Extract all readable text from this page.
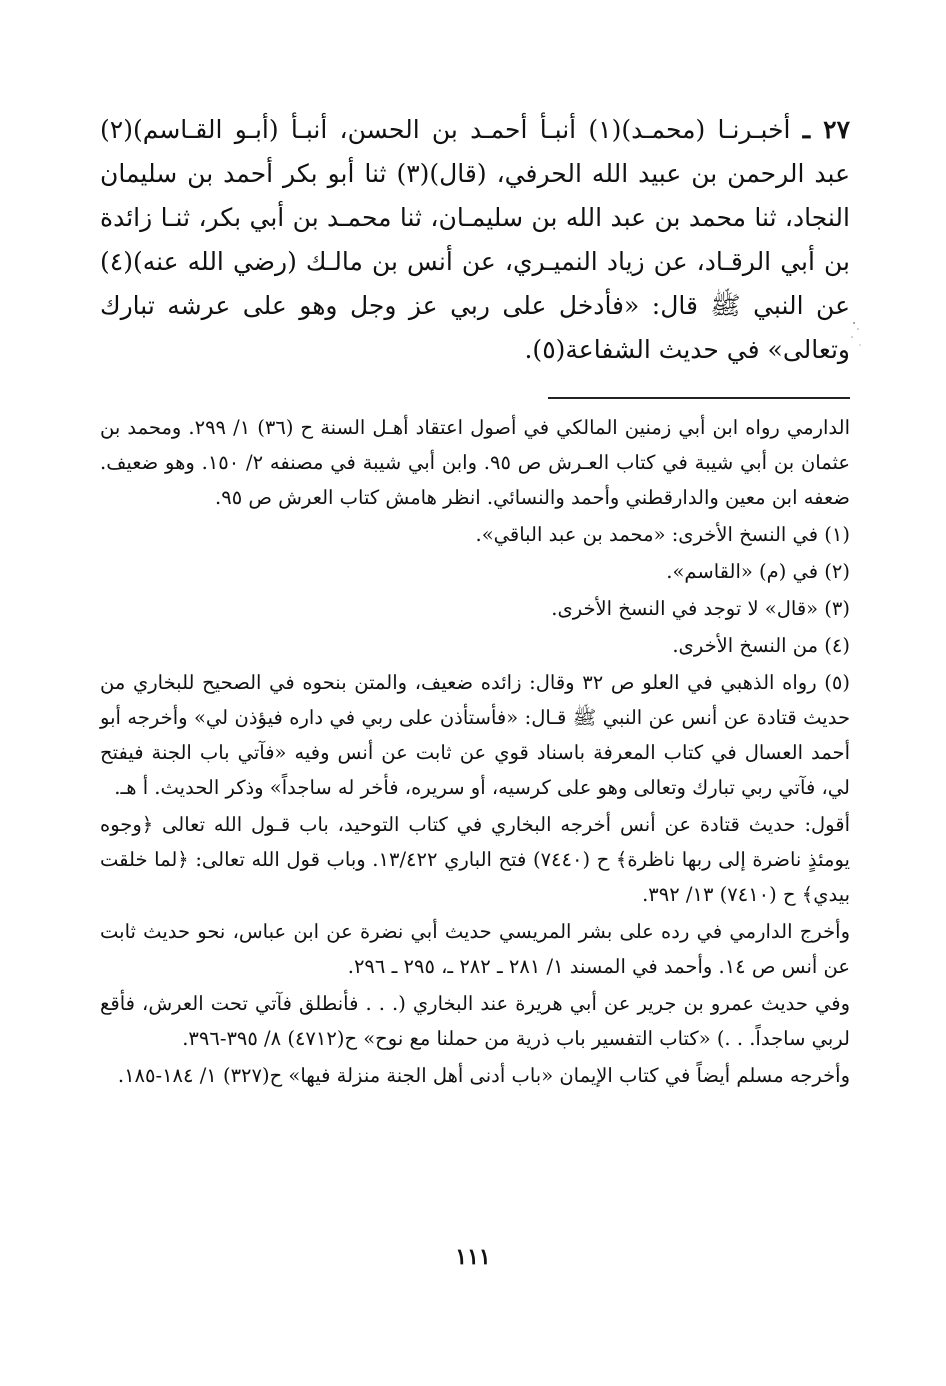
٢٧ ـ أخبـرنـا (محمـد)(١) أنبـأ أحمـد بن الحسن، أنبـأ (أبـو القـاسم)(٢) عبد الرحمن بن عبيد الله الحرفي، (قال)(٣) ثنا أبو بكر أحمد بن سليمان النجاد، ثنا محمد بن عبد الله بن سليمـان، ثنا محمـد بن أبي بكر، ثنـا زائدة بن أبي الرقـاد، عن زياد النميـري، عن أنس بن مالـك (رضي الله عنه)(٤) عن النبي ﷺ قال: «فأدخل على ربي عز وجل وهو على عرشه تبارك وتعالى» في حديث الشفاعة(٥).

الدارمي رواه ابن أبي زمنين المالكي في أصول اعتقاد أهـل السنة ح (٣٦) ١/ ٢٩٩. ومحمد بن عثمان بن أبي شيبة في كتاب العـرش ص ٩٥. وابن أبي شيبة في مصنفه ٢/ ١٥٠. وهو ضعيف. ضعفه ابن معين والدارقطني وأحمد والنسائي. انظر هامش كتاب العرش ص ٩٥.

(١) في النسخ الأخرى: «محمد بن عبد الباقي».

(٢) في (م) «القاسم».

(٣) «قال» لا توجد في النسخ الأخرى.

(٤) من النسخ الأخرى.

(٥) رواه الذهبي في العلو ص ٣٢ وقال: زائده ضعيف، والمتن بنحوه في الصحيح للبخاري من حديث قتادة عن أنس عن النبي ﷺ قـال: «فأستأذن على ربي في داره فيؤذن لي» وأخرجه أبو أحمد العسال في كتاب المعرفة باسناد قوي عن ثابت عن أنس وفيه «فآتي باب الجنة فيفتح لي، فآتي ربي تبارك وتعالى وهو على كرسيه، أو سريره، فأخر له ساجداً» وذكر الحديث. أ هـ.

أقول: حديث قتادة عن أنس أخرجه البخاري في كتاب التوحيد، باب قـول الله تعالى ﴿وجوه يومئذٍ ناضرة إلى ربها ناظرة﴾ ح (٧٤٤٠) فتح الباري ١٣/٤٢٢. وباب قول الله تعالى: ﴿لما خلقت بيدي﴾ ح (٧٤١٠) ١٣/ ٣٩٢.

وأخرج الدارمي في رده على بشر المريسي حديث أبي نضرة عن ابن عباس، نحو حديث ثابت عن أنس ص ١٤. وأحمد في المسند ١/ ٢٨١ ـ ٢٨٢ ـ، ٢٩٥ ـ ٢٩٦.

وفي حديث عمرو بن جرير عن أبي هريرة عند البخاري (. . . فأنطلق فآتي تحت العرش، فأقع لربي ساجداً. . .) «كتاب التفسير باب ذرية من حملنا مع نوح» ح(٤٧١٢) ٨/ ٣٩٥-٣٩٦.

وأخرجه مسلم أيضاً في كتاب الإيمان «باب أدنى أهل الجنة منزلة فيها» ح(٣٢٧) ١/ ١٨٤-١٨٥.

١١١
